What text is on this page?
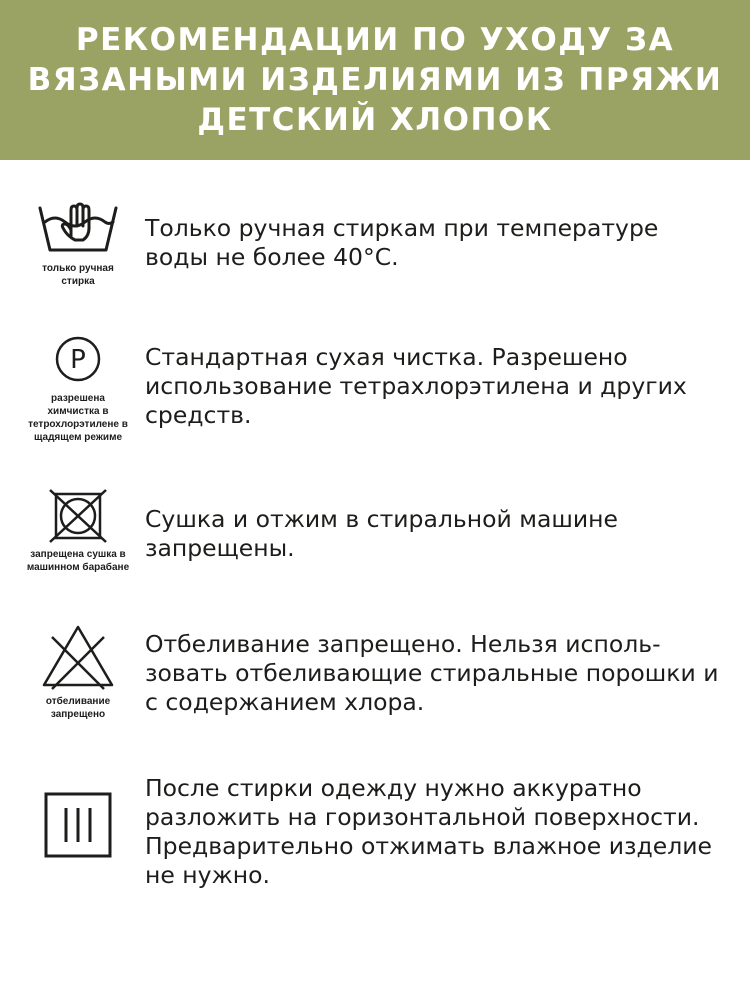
РЕКОМЕНДАЦИИ ПО УХОДУ ЗА ВЯЗАНЫМИ ИЗДЕЛИЯМИ ИЗ ПРЯЖИ ДЕТСКИЙ ХЛОПОК
только ручная стирка

Только ручная стиркам при температуре воды не более 40°С.

P
разрешена химчистка в тетрохлорэтилене в щадящем режиме

Стандартная сухая чистка. Разрешено использование тетрахлорэтилена и других средств.

запрещена сушка в машинном барабане

Сушка и отжим в стиральной машине запрещены.

отбеливание запрещено

Отбеливание запрещено. Нельзя исполь-зовать отбеливающие стиральные порошки и с содержанием хлора.

После стирки одежду нужно аккуратно разложить на горизонтальной поверхности. Предварительно отжимать влажное изделие не нужно.
